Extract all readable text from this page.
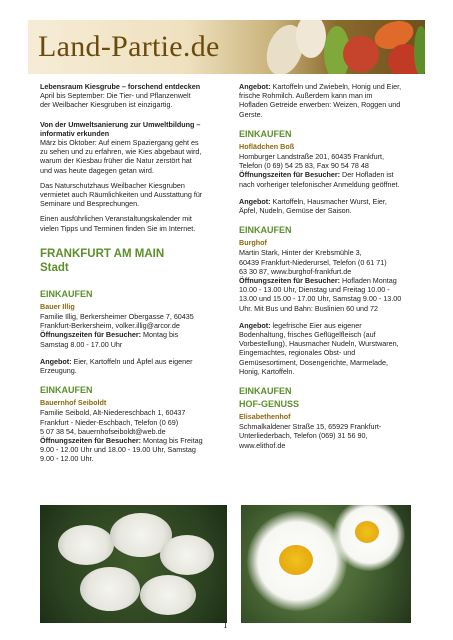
Land-Partie.de

Lebensraum Kiesgrube – forschend entdecken
April bis September: Die Tier- und Pflanzenwelt
der Weilbacher Kiesgruben ist einzigartig.

Von der Umweltsanierung zur Umweltbildung –
informativ erkunden
März bis Oktober: Auf einem Spaziergang geht es
zu sehen und zu erfahren, wie Kies abgebaut wird,
warum der Kiesbau früher die Natur zerstört hat
und was heute dagegen getan wird.

Das Naturschutzhaus Weilbacher Kiesgruben
vermietet auch Räumlichkeiten und Ausstattung für
Seminare und Besprechungen.

Einen ausführlichen Veranstaltungskalender mit
vielen Tipps und Terminen finden Sie im Internet.

FRANKFURT AM MAIN
Stadt
EINKAUFEN
Bauer Illig

Familie Illig, Berkersheimer Obergasse 7, 60435
Frankfurt-Berkersheim, volker.illig@arcor.de
Öffnungszeiten für Besucher: Montag bis
Samstag 8.00 - 17.00 Uhr

Angebot: Eier, Kartoffeln und Äpfel aus eigener
Erzeugung.

EINKAUFEN
Bauernhof Seiboldt

Familie Seibold, Alt-Niedereschbach 1, 60437
Frankfurt - Nieder-Eschbach, Telefon (0 69)
5 07 38 54, bauernhofseiboldt@web.de
Öffnungszeiten für Besucher: Montag bis Freitag
9.00 - 12.00 Uhr und 18.00 - 19.00 Uhr, Samstag
9.00 - 12.00 Uhr.

Angebot: Kartoffeln und Zwiebeln, Honig und Eier,
frische Rohmilch. Außerdem kann man im
Hofladen Getreide erwerben: Weizen, Roggen und
Gerste.

EINKAUFEN
Hoflädchen Boß

Homburger Landstraße 201, 60435 Frankfurt,
Telefon (0 69) 54 25 83, Fax 90 54 78 48
Öffnungszeiten für Besucher: Der Hofladen ist
nach vorheriger telefonischer Anmeldung geöffnet.

Angebot: Kartoffeln, Hausmacher Wurst, Eier,
Äpfel, Nudeln, Gemüse der Saison.

EINKAUFEN
Burghof

Martin Stark, Hinter der Krebsmühle 3,
60439 Frankfurt-Niederursel, Telefon (0 61 71)
63 30 87, www.burghof-frankfurt.de
Öffnungszeiten für Besucher: Hofladen Montag
10.00 - 13.00 Uhr, Dienstag und Freitag 10.00 -
13.00 und 15.00 - 17.00 Uhr, Samstag 9.00 - 13.00
Uhr. Mit Bus und Bahn: Buslinien 60 und 72

Angebot: legefrische Eier aus eigener
Bodenhaltung, frisches Geflügelfleisch (auf
Vorbestellung), Hausmacher Nudeln, Wurstwaren,
Eingemachtes, regionales Obst- und
Gemüsesortiment, Dosengerichte, Marmelade,
Honig, Kartoffeln.

EINKAUFEN
HOF-GENUSS
Elisabethenhof

Schmalkaldener Straße 15, 65929 Frankfurt-
Unterliederbach, Telefon (069) 31 56 90,
www.elithof.de

1
